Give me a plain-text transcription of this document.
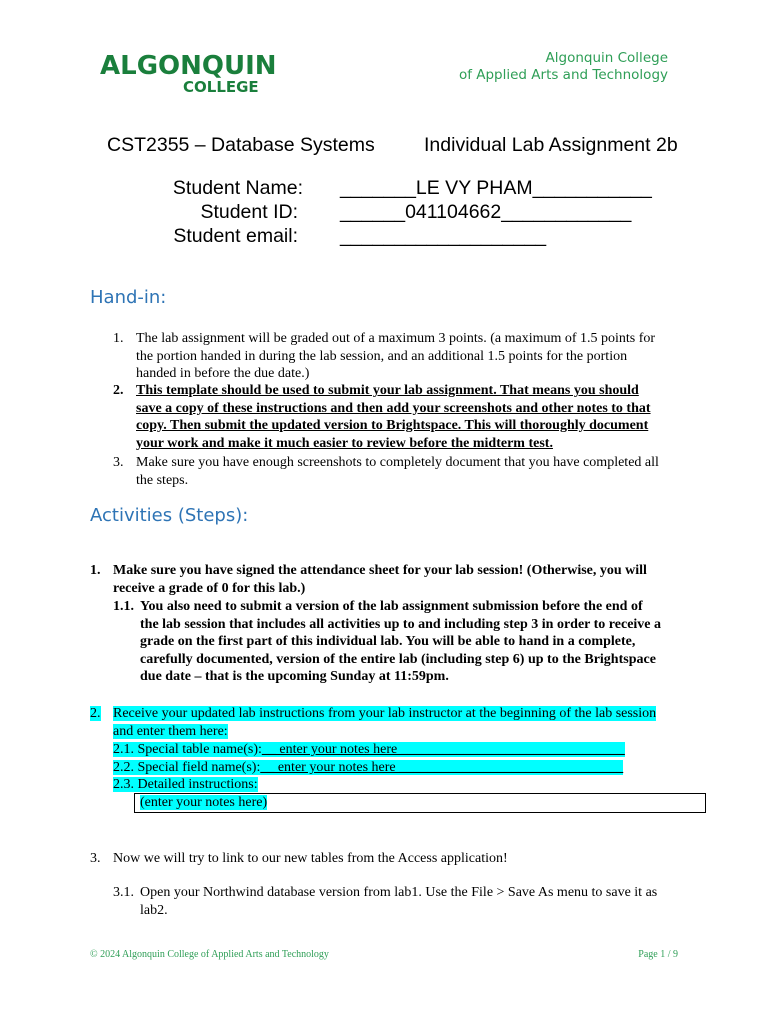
ALGONQUIN
COLLEGE
Algonquin College
of Applied Arts and Technology
CST2355 – Database Systems	Individual Lab Assignment 2b
Student Name: _______LE VY PHAM___________
Student ID: ______041104662____________
Student email: ___________________
Hand-in:
1. The lab assignment will be graded out of a maximum 3 points. (a maximum of 1.5 points for
the portion handed in during the lab session, and an additional 1.5 points for the portion
handed in before the due date.)
2. This template should be used to submit your lab assignment. That means you should
save a copy of these instructions and then add your screenshots and other notes to that
copy. Then submit the updated version to Brightspace. This will thoroughly document
your work and make it much easier to review before the midterm test.
3. Make sure you have enough screenshots to completely document that you have completed all
the steps.
Activities (Steps):
1. Make sure you have signed the attendance sheet for your lab session! (Otherwise, you will
receive a grade of 0 for this lab.)
1.1. You also need to submit a version of the lab assignment submission before the end of
the lab session that includes all activities up to and including step 3 in order to receive a
grade on the first part of this individual lab. You will be able to hand in a complete,
carefully documented, version of the entire lab (including step 6) up to the Brightspace
due date – that is the upcoming Sunday at 11:59pm.
2. Receive your updated lab instructions from your lab instructor at the beginning of the lab session
and enter them here:
2.1. Special table name(s):__ enter your notes here ________________________________
2.2. Special field name(s):__ enter your notes here ________________________________
2.3. Detailed instructions:
(enter your notes here)
3. Now we will try to link to our new tables from the Access application!
3.1. Open your Northwind database version from lab1. Use the File > Save As menu to save it as
lab2.
© 2024 Algonquin College of Applied Arts and Technology	Page 1 / 9
